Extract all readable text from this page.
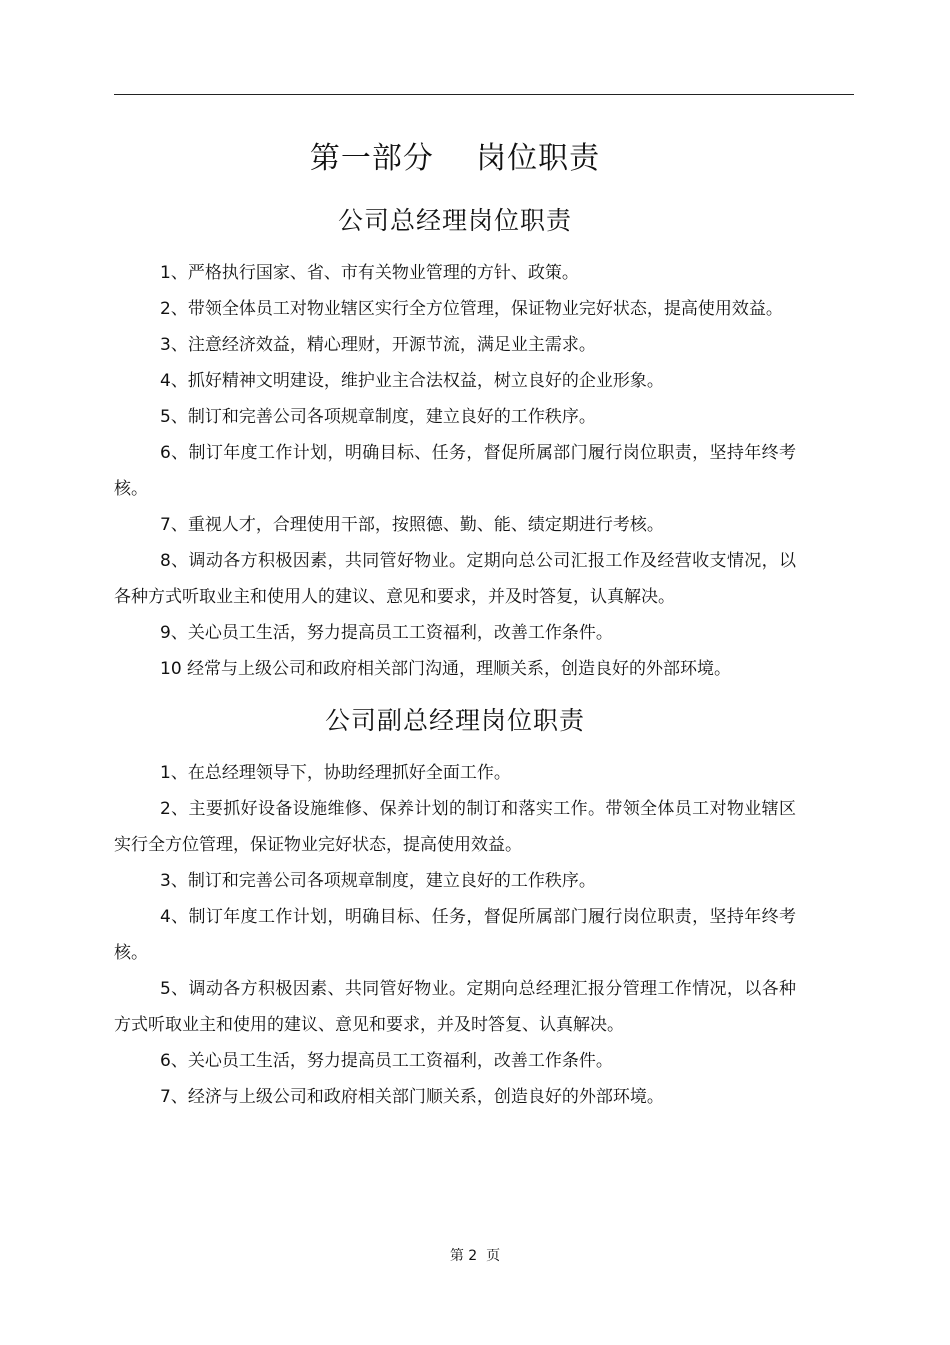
第一部分    岗位职责
公司总经理岗位职责

1、严格执行国家、省、市有关物业管理的方针、政策。

2、带领全体员工对物业辖区实行全方位管理，保证物业完好状态，提高使用效益。

3、注意经济效益，精心理财，开源节流，满足业主需求。

4、抓好精神文明建设，维护业主合法权益，树立良好的企业形象。

5、制订和完善公司各项规章制度，建立良好的工作秩序。

6、制订年度工作计划，明确目标、任务，督促所属部门履行岗位职责，坚持年终考核。

7、重视人才，合理使用干部，按照德、勤、能、绩定期进行考核。

8、调动各方积极因素，共同管好物业。定期向总公司汇报工作及经营收支情况，以各种方式听取业主和使用人的建议、意见和要求，并及时答复，认真解决。

9、关心员工生活，努力提高员工工资福利，改善工作条件。

10 经常与上级公司和政府相关部门沟通，理顺关系，创造良好的外部环境。

公司副总经理岗位职责

1、在总经理领导下，协助经理抓好全面工作。

2、主要抓好设备设施维修、保养计划的制订和落实工作。带领全体员工对物业辖区实行全方位管理，保证物业完好状态，提高使用效益。

3、制订和完善公司各项规章制度，建立良好的工作秩序。

4、制订年度工作计划，明确目标、任务，督促所属部门履行岗位职责，坚持年终考核。

5、调动各方积极因素、共同管好物业。定期向总经理汇报分管理工作情况，以各种方式听取业主和使用的建议、意见和要求，并及时答复、认真解决。

6、关心员工生活，努力提高员工工资福利，改善工作条件。

7、经济与上级公司和政府相关部门顺关系，创造良好的外部环境。

第 2  页
